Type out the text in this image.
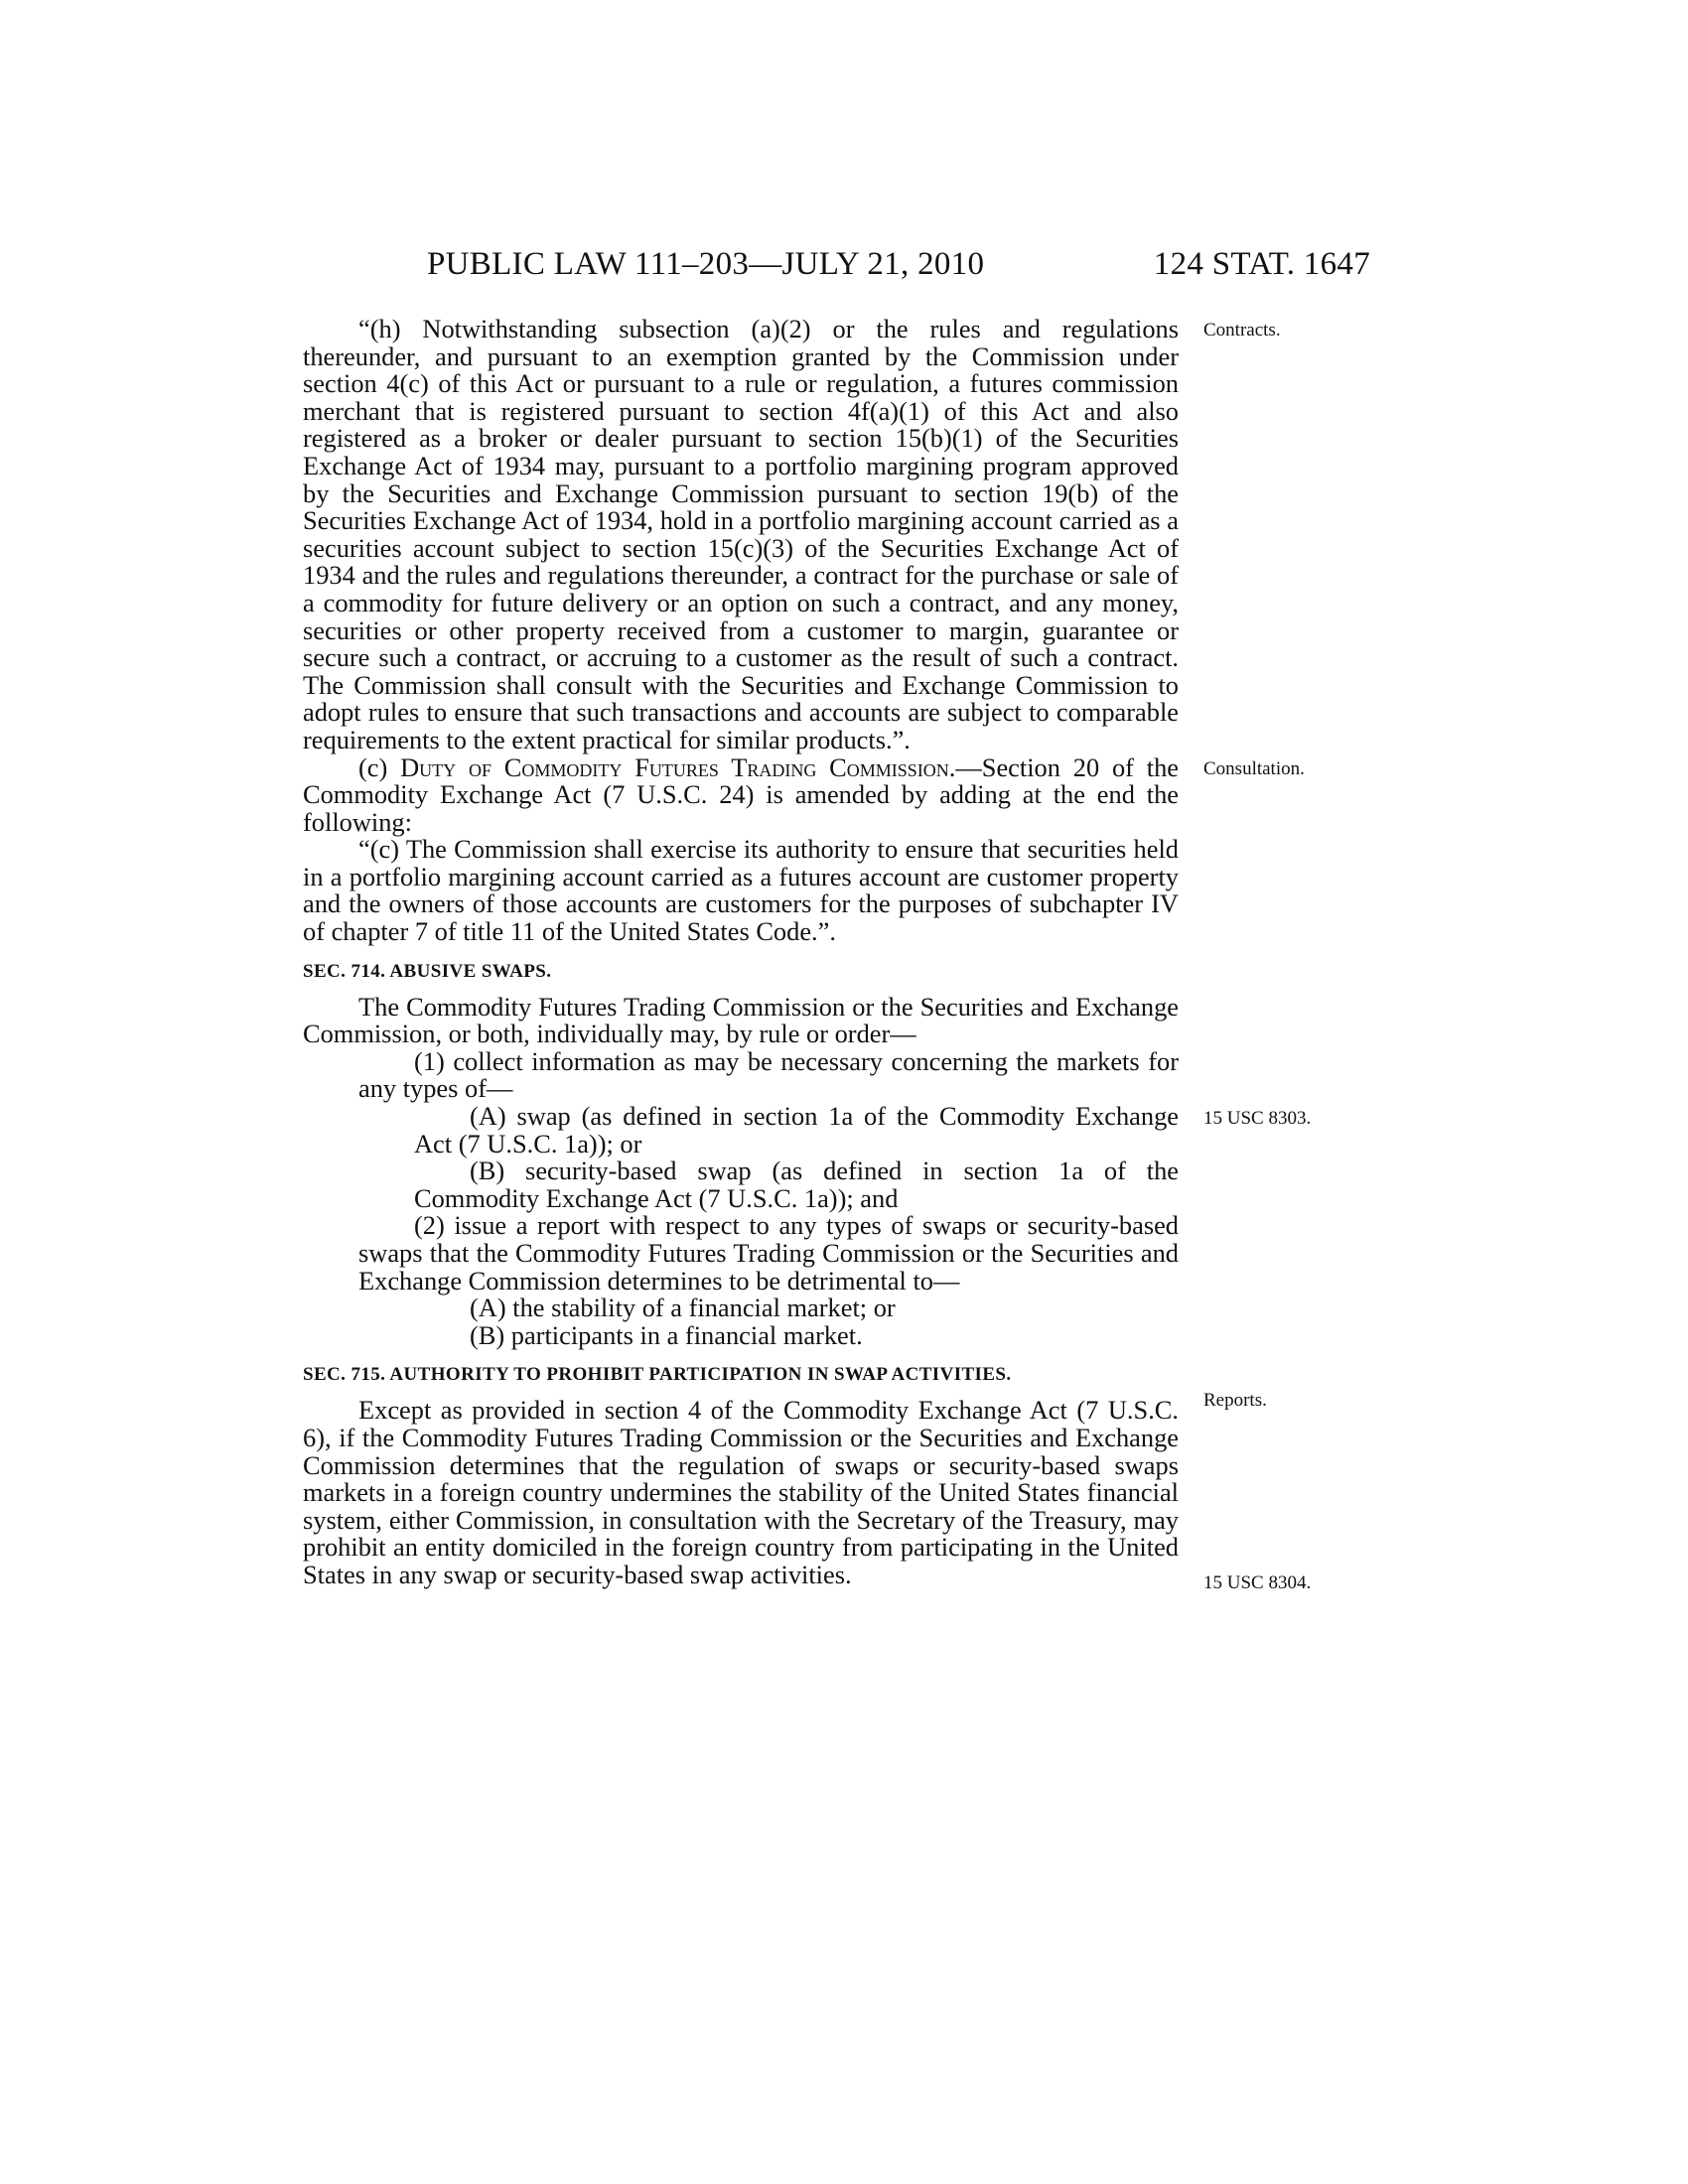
PUBLIC LAW 111–203—JULY 21, 2010	124 STAT. 1647
Contracts.
Consultation.
15 USC 8303.
Reports.
15 USC 8304.

“(h) Notwithstanding subsection (a)(2) or the rules and regulations thereunder, and pursuant to an exemption granted by the Commission under section 4(c) of this Act or pursuant to a rule or regulation, a futures commission merchant that is registered pursuant to section 4f(a)(1) of this Act and also registered as a broker or dealer pursuant to section 15(b)(1) of the Securities Exchange Act of 1934 may, pursuant to a portfolio margining program approved by the Securities and Exchange Commission pursuant to section 19(b) of the Securities Exchange Act of 1934, hold in a portfolio margining account carried as a securities account subject to section 15(c)(3) of the Securities Exchange Act of 1934 and the rules and regulations thereunder, a contract for the purchase or sale of a commodity for future delivery or an option on such a contract, and any money, securities or other property received from a customer to margin, guarantee or secure such a contract, or accruing to a customer as the result of such a contract. The Commission shall consult with the Securities and Exchange Commission to adopt rules to ensure that such transactions and accounts are subject to comparable requirements to the extent practical for similar products.”.

(c) Duty of Commodity Futures Trading Commission.—Section 20 of the Commodity Exchange Act (7 U.S.C. 24) is amended by adding at the end the following:

“(c) The Commission shall exercise its authority to ensure that securities held in a portfolio margining account carried as a futures account are customer property and the owners of those accounts are customers for the purposes of subchapter IV of chapter 7 of title 11 of the United States Code.”.

SEC. 714. ABUSIVE SWAPS.

The Commodity Futures Trading Commission or the Securities and Exchange Commission, or both, individually may, by rule or order—

(1) collect information as may be necessary concerning the markets for any types of—

(A) swap (as defined in section 1a of the Commodity Exchange Act (7 U.S.C. 1a)); or

(B) security-based swap (as defined in section 1a of the Commodity Exchange Act (7 U.S.C. 1a)); and

(2) issue a report with respect to any types of swaps or security-based swaps that the Commodity Futures Trading Commission or the Securities and Exchange Commission determines to be detrimental to—

(A) the stability of a financial market; or

(B) participants in a financial market.

SEC. 715. AUTHORITY TO PROHIBIT PARTICIPATION IN SWAP ACTIVITIES.

Except as provided in section 4 of the Commodity Exchange Act (7 U.S.C. 6), if the Commodity Futures Trading Commission or the Securities and Exchange Commission determines that the regulation of swaps or security-based swaps markets in a foreign country undermines the stability of the United States financial system, either Commission, in consultation with the Secretary of the Treasury, may prohibit an entity domiciled in the foreign country from participating in the United States in any swap or security-based swap activities.
